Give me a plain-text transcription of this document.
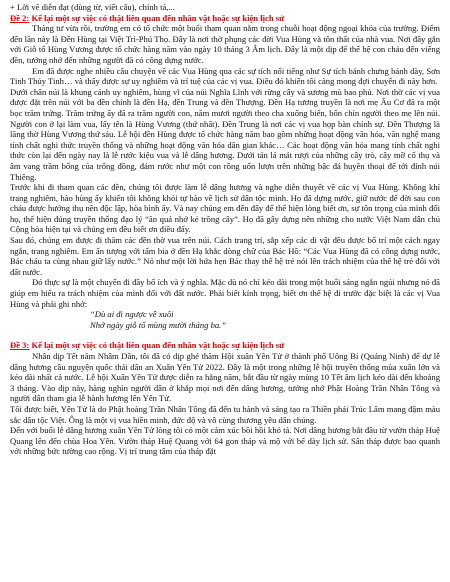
+ Lời vẽ diễn đạt (dùng từ, viết câu), chính tả,...

Đề 2: Kể lại một sự việc có thật liên quan đến nhân vật hoặc sự kiện lịch sử

Tháng tư vừa rồi, trường em có tổ chức một buổi tham quan nằm trong chuỗi hoạt động ngoại khóa của trường. Điểm đến lần này là Đền Hùng tại Việt Trì-Phú Thọ. Đây là nơi thờ phụng các đời Vua Hùng và tôn thất của nhà vua. Nơi đây gắn với Giỗ tổ Hùng Vương được tổ chức hàng năm vào ngày 10 tháng 3 Âm lịch. Đây là một dịp để thế hệ con cháu đến viếng đền, tưởng nhớ đến những người đã có công dựng nước.

Em đã được nghe nhiều câu chuyện về các Vua Hùng qua các sự tích nổi tiếng như Sự tích bánh chưng bánh dày, Sơn Tinh Thủy Tinh… và thấy được sự uy nghiêm và trí tuệ của các vị vua. Điều đó khiến tôi càng mong đợi chuyến đi này hơn.

Dưới chân núi là khung cảnh uy nghiêm, hùng vĩ của núi Nghĩa Lĩnh với rừng cây và sương mù bao phủ. Nơi thờ các vị vua được đặt trên núi với ba đền chính là đền Hạ, đền Trung và đền Thượng. Đền Hạ tương truyền là nơi mẹ Âu Cơ đã ra một bọc trăm trứng. Trăm trứng ấy đã ra trăm người con, năm mươi người theo cha xuống biển, bốn chín người theo mẹ lên núi. Người con ở lại làm vua, lấy tên là Hùng Vương (thứ nhất). Đền Trung là nơi các vị vua họp bàn chính sự. Đền Thượng là lăng thờ Hùng Vương thứ sáu. Lễ hội đền Hùng được tổ chức hàng năm bao gồm những hoạt động văn hóa, văn nghệ mang tính chất nghi thức truyền thống và những hoạt động văn hóa dân gian khác… Các hoạt động văn hóa mang tính chất nghi thức còn lại đến ngày nay là lễ rước kiệu vua và lễ dâng hương. Dưới tán lá mát rượi của những cây trò, cây mỡ cổ thụ và âm vang trầm bổng của trống đồng, đám rước như một con rồng uốn lượn trên những bậc đá huyền thoại để tới đỉnh núi Thiêng.

Trước khi đi tham quan các đền, chúng tôi được làm lễ dâng hương và nghe diễn thuyết về các vị Vua Hùng. Không khí trang nghiêm, hào hùng ấy khiến tôi không khỏi tự hào về lịch sử dân tộc mình. Họ đã dựng nước, giữ nước để đời sau con cháu được hưởng thụ nền độc lập, hòa bình ấy. Và nay chúng em đến đây để thể hiện lòng biết ơn, sự tôn trọng của mình đối họ, thể hiện đúng truyền thống đạo lý “ăn quả nhớ kẻ trồng cây”. Họ đã gây dựng nên những cho nước Việt Nam dân chủ Cộng hòa hiện tại và chúng em đều biết ơn điều đấy.

Sau đó, chúng em được đi thăm các đền thờ vua trên núi. Cách trang trí, sắp xếp các di vật đều được bố trí một cách ngay ngắn, trang nghiêm. Em ấn tượng với tấm bia ở đền Hạ khắc dòng chữ của Bác Hồ: “Các Vua Hùng đã có công dựng nước, Bác cháu ta cùng nhau giữ lấy nước.” Nó như một lời hứa hẹn Bác thay thế hệ trẻ nói lên trách nhiệm của thế hệ trẻ đối với đất nước.

Đó thực sự là một chuyến đi đầy bổ ích và ý nghĩa. Mặc dù nó chỉ kéo dài trong một buổi sáng ngắn ngủi nhưng nó đã giúp em hiểu ra trách nhiệm của mình đối với đất nước. Phải biết kính trọng, biết ơn thế hệ đi trước đặc biệt là các vị Vua Hùng và phải ghi nhớ:

“Dù ai đi ngược về xuôi

Nhớ ngày giỗ tổ mùng mười tháng ba.”

Đề 3: Kể lại một sự việc có thật liên quan đến nhân vật hoặc sự kiện lịch sử

Nhân dịp Tết năm Nhâm Dần, tôi đã có dịp ghé thăm Hội xuân Yên Tử ở thành phố Uông Bí (Quảng Ninh) để dự lễ dâng hương cầu nguyện quốc thái dân an Xuân Yên Tử 2022. Đây là một trong những lễ hội truyền thống mùa xuân lớn và kéo dài nhất cả nước. Lễ hội Xuân Yên Tử được diễn ra hằng năm, bắt đầu từ ngày mùng 10 Tết âm lịch kéo dài đến khoảng 3 tháng. Vào dịp này, hàng nghìn người dân ở khắp mọi nơi đến dâng hương, tưởng nhớ Phật Hoàng Trần Nhân Tông và người dân tham gia lễ hành hương lên Yên Tử.

Tôi được biết, Yên Tử là do Phật hoàng Trần Nhân Tông đã đến tu hành và sáng tạo ra Thiền phái Trúc Lâm mang đậm màu sắc dân tộc Việt. Ông là một vị vua hiền minh, đức độ và vô cùng thương yêu dân chúng.

Đến với buổi lễ dâng hương xuân Yên Tử lòng tôi có một cảm xúc bồi hồi khó tả. Nơi dâng hương bắt đầu từ vườn tháp Huệ Quang lên đến chùa Hoa Yên. Vườn tháp Huệ Quang với 64 gon tháp và mộ với bể dày lịch sử. Sân tháp được bao quanh với những bức tường cao rộng. Vị trí trung tâm của tháp đặt
